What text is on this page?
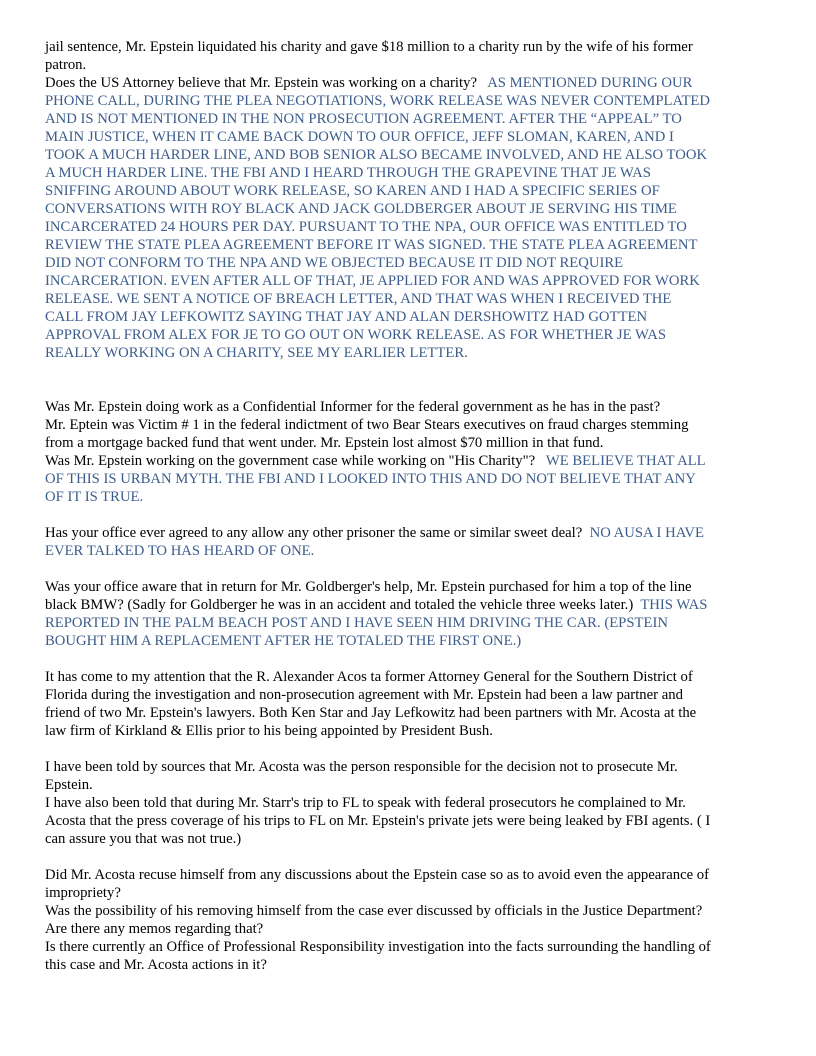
jail sentence, Mr. Epstein liquidated his charity and gave $18 million to a charity run by the wife of his former
patron.
Does the US Attorney believe that Mr. Epstein was working on a charity? AS MENTIONED DURING OUR
PHONE CALL, DURING THE PLEA NEGOTIATIONS, WORK RELEASE WAS NEVER CONTEMPLATED
AND IS NOT MENTIONED IN THE NON PROSECUTION AGREEMENT. AFTER THE “APPEAL” TO
MAIN JUSTICE, WHEN IT CAME BACK DOWN TO OUR OFFICE, JEFF SLOMAN, KAREN, AND I
TOOK A MUCH HARDER LINE, AND BOB SENIOR ALSO BECAME INVOLVED, AND HE ALSO TOOK
A MUCH HARDER LINE. THE FBI AND I HEARD THROUGH THE GRAPEVINE THAT JE WAS
SNIFFING AROUND ABOUT WORK RELEASE, SO KAREN AND I HAD A SPECIFIC SERIES OF
CONVERSATIONS WITH ROY BLACK AND JACK GOLDBERGER ABOUT JE SERVING HIS TIME
INCARCERATED 24 HOURS PER DAY. PURSUANT TO THE NPA, OUR OFFICE WAS ENTITLED TO
REVIEW THE STATE PLEA AGREEMENT BEFORE IT WAS SIGNED. THE STATE PLEA AGREEMENT
DID NOT CONFORM TO THE NPA AND WE OBJECTED BECAUSE IT DID NOT REQUIRE
INCARCERATION. EVEN AFTER ALL OF THAT, JE APPLIED FOR AND WAS APPROVED FOR WORK
RELEASE. WE SENT A NOTICE OF BREACH LETTER, AND THAT WAS WHEN I RECEIVED THE
CALL FROM JAY LEFKOWITZ SAYING THAT JAY AND ALAN DERSHOWITZ HAD GOTTEN
APPROVAL FROM ALEX FOR JE TO GO OUT ON WORK RELEASE. AS FOR WHETHER JE WAS
REALLY WORKING ON A CHARITY, SEE MY EARLIER LETTER.
Was Mr. Epstein doing work as a Confidential Informer for the federal government as he has in the past?
Mr. Eptein was Victim # 1 in the federal indictment of two Bear Stears executives on fraud charges stemming
from a mortgage backed fund that went under. Mr. Epstein lost almost $70 million in that fund.
Was Mr. Epstein working on the government case while working on "His Charity"? WE BELIEVE THAT ALL
OF THIS IS URBAN MYTH. THE FBI AND I LOOKED INTO THIS AND DO NOT BELIEVE THAT ANY
OF IT IS TRUE.
Has your office ever agreed to any allow any other prisoner the same or similar sweet deal? NO AUSA I HAVE
EVER TALKED TO HAS HEARD OF ONE.
Was your office aware that in return for Mr. Goldberger's help, Mr. Epstein purchased for him a top of the line
black BMW? (Sadly for Goldberger he was in an accident and totaled the vehicle three weeks later.) THIS WAS
REPORTED IN THE PALM BEACH POST AND I HAVE SEEN HIM DRIVING THE CAR. (EPSTEIN
BOUGHT HIM A REPLACEMENT AFTER HE TOTALED THE FIRST ONE.)
It has come to my attention that the R. Alexander Acos ta former Attorney General for the Southern District of
Florida during the investigation and non-prosecution agreement with Mr. Epstein had been a law partner and
friend of two Mr. Epstein's lawyers. Both Ken Star and Jay Lefkowitz had been partners with Mr. Acosta at the
law firm of Kirkland & Ellis prior to his being appointed by President Bush.
I have been told by sources that Mr. Acosta was the person responsible for the decision not to prosecute Mr.
Epstein.
I have also been told that during Mr. Starr's trip to FL to speak with federal prosecutors he complained to Mr.
Acosta that the press coverage of his trips to FL on Mr. Epstein's private jets were being leaked by FBI agents. ( I
can assure you that was not true.)
Did Mr. Acosta recuse himself from any discussions about the Epstein case so as to avoid even the appearance of
impropriety?
Was the possibility of his removing himself from the case ever discussed by officials in the Justice Department?
Are there any memos regarding that?
Is there currently an Office of Professional Responsibility investigation into the facts surrounding the handling of
this case and Mr. Acosta actions in it?
